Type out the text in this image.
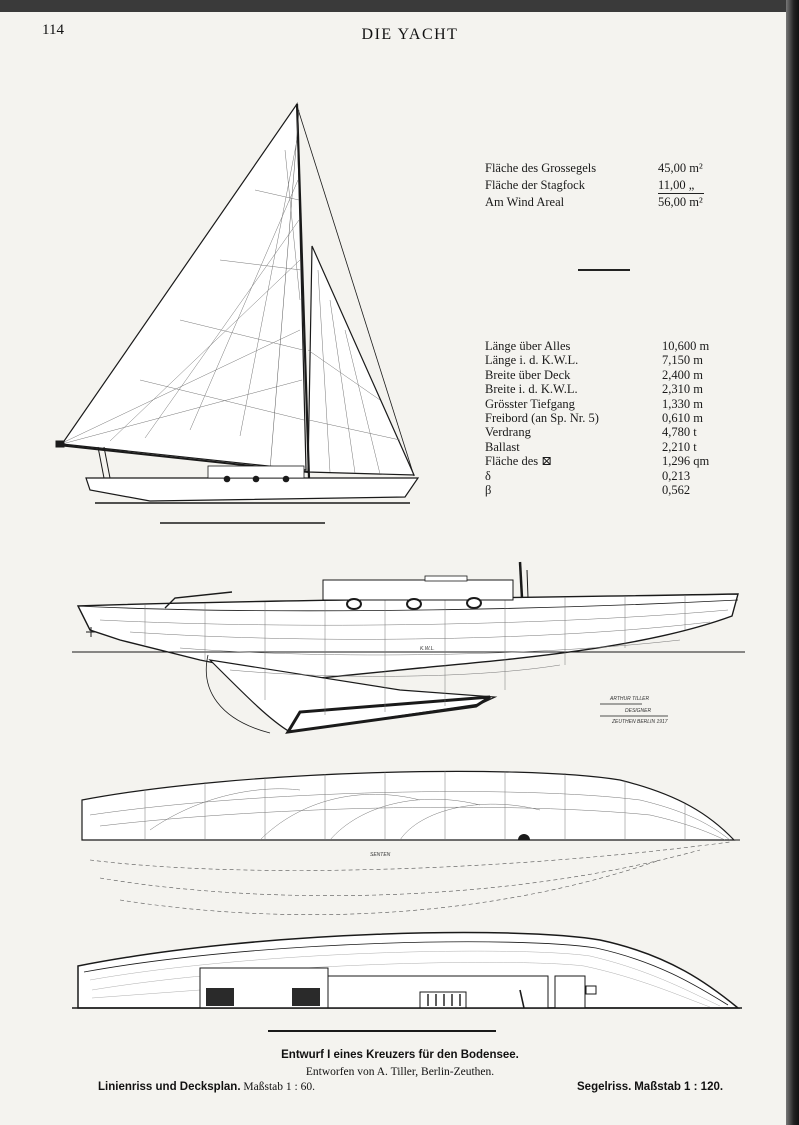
114	DIE YACHT
Fläche des Grossegels	45,00 m²
Fläche der Stagfock	11,00 „
Am Wind Areal	56,00 m²
Länge über Alles	10,600 m
Länge i. d. K.W.L.	7,150 m
Breite über Deck	2,400 m
Breite i. d. K.W.L.	2,310 m
Grösster Tiefgang	1,330 m
Freibord (an Sp. Nr. 5)	0,610 m
Verdrang	4,780 t
Ballast	2,210 t
Fläche des ⊠	1,296 qm
δ	0,213
β	0,562
ARTHUR TILLER
DESIGNER
ZEUTHEN BERLIN 1917
K.W.L.
SENTEN
Entwurf I eines Kreuzers für den Bodensee.
Entworfen von A. Tiller, Berlin-Zeuthen.
Linienriss und Decksplan. Maßstab 1 : 60.	Segelriss. Maßstab 1 : 120.
